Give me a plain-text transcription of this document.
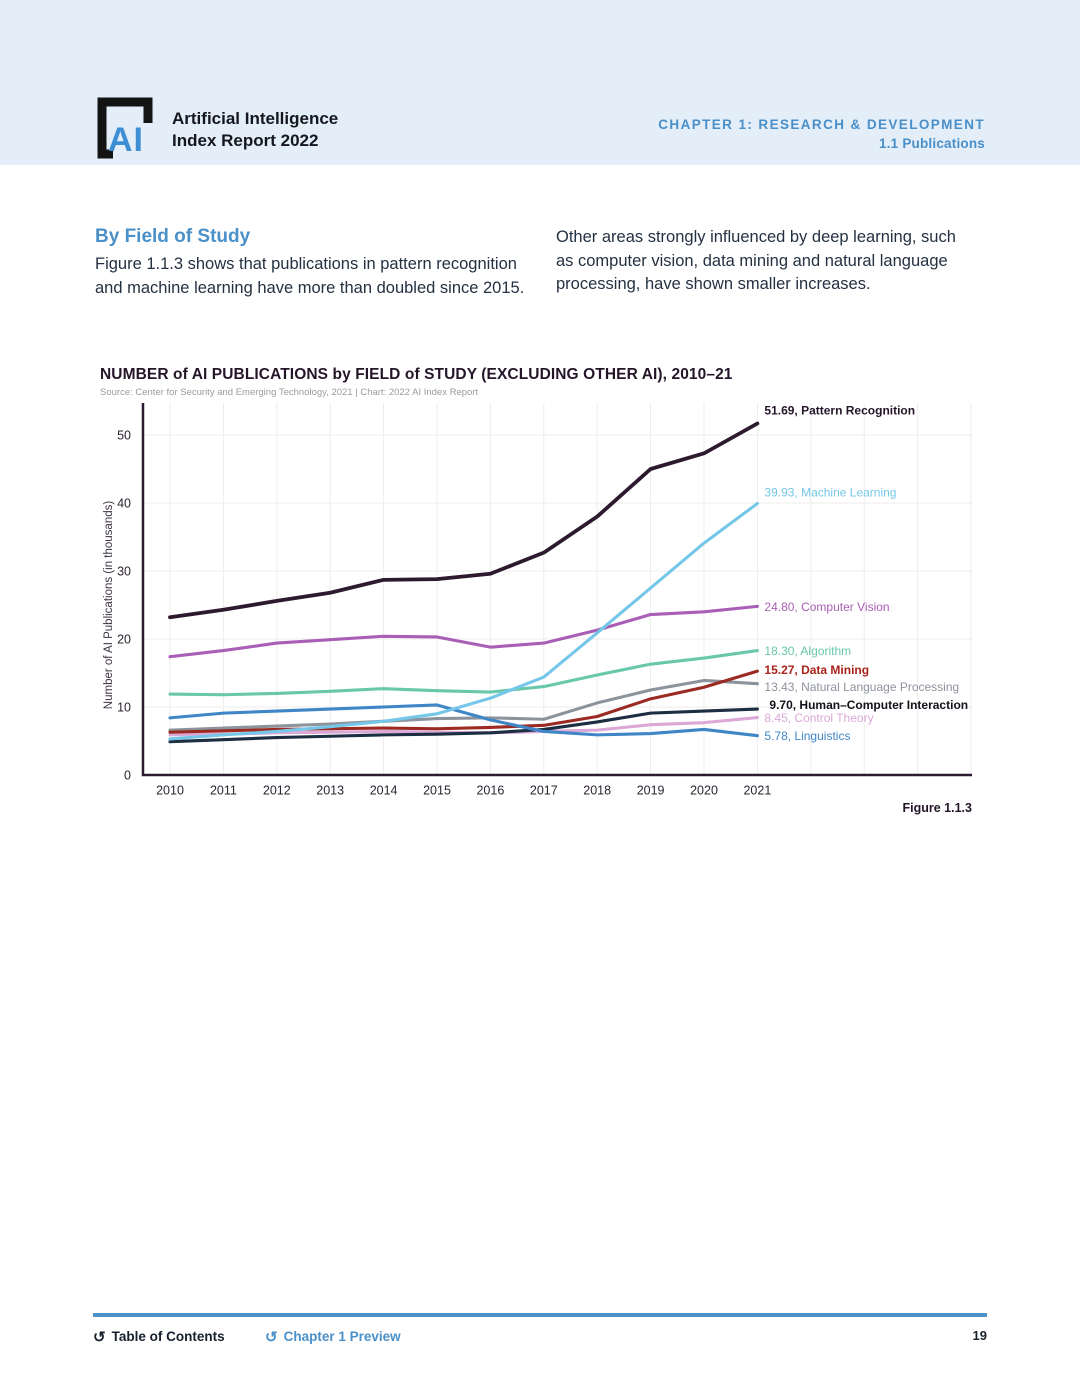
AI
Artificial Intelligence
Index Report 2022
CHAPTER 1: RESEARCH & DEVELOPMENT
1.1 Publications
By Field of Study
Figure 1.1.3 shows that publications in pattern recognition and machine learning have more than doubled since 2015.
Other areas strongly influenced by deep learning, such as computer vision, data mining and natural language processing, have shown smaller increases.
NUMBER of AI PUBLICATIONS by FIELD of STUDY (EXCLUDING OTHER AI), 2010–21
Source: Center for Security and Emerging Technology, 2021 | Chart: 2022 AI Index Report
0
10
20
30
40
50
2010 2011 2012 2013 2014 2015 2016 2017 2018 2019 2020 2021
Number of AI Publications (in thousands)
51.69, Pattern Recognition
39.93, Machine Learning
24.80, Computer Vision
18.30, Algorithm
15.27, Data Mining
13.43, Natural Language Processing
9.70, Human–Computer Interaction
8.45, Control Theory
5.78, Linguistics
Figure 1.1.3
↺ Table of Contents	↺ Chapter 1 Preview	19
